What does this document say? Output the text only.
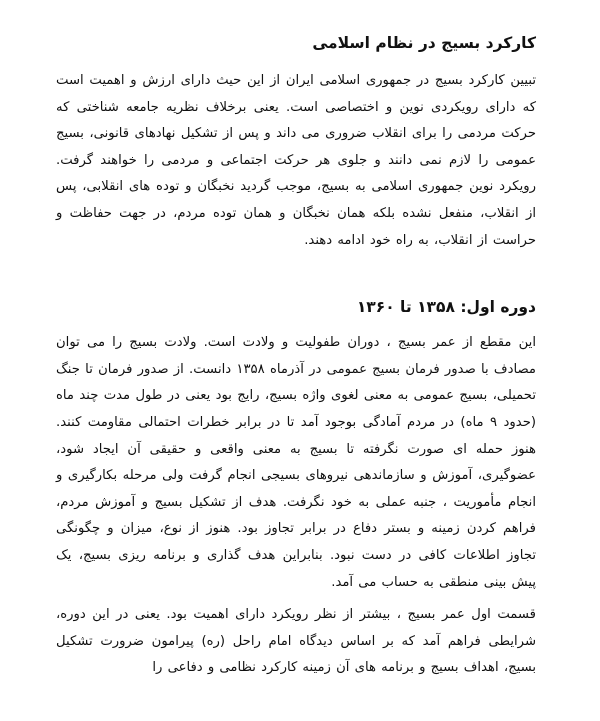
کارکرد بسیج در نظام اسلامی

تبیین کارکرد بسیج در جمهوری اسلامی ایران از این حیث دارای ارزش و اهمیت است که دارای رویکردی نوین و اختصاصی است. یعنی برخلاف نظریه جامعه شناختی که حرکت مردمی را برای انقلاب ضروری می داند و پس از تشکیل نهادهای قانونی، بسیج عمومی را لازم نمی دانند و جلوی هر حرکت اجتماعی و مردمی را خواهند گرفت. رویکرد نوین جمهوری اسلامی به بسیج، موجب گردید نخبگان و توده های انقلابی، پس از انقلاب، منفعل نشده بلکه همان نخبگان و همان توده مردم، در جهت حفاظت و حراست از انقلاب، به راه خود ادامه دهند.

دوره اول: ۱۳۵۸ تا ۱۳۶۰

این مقطع از عمر بسیج ، دوران طفولیت و ولادت است. ولادت بسیج را می توان مصادف با صدور فرمان بسیج عمومی در آذرماه ۱۳۵۸ دانست. از صدور فرمان تا جنگ تحمیلی، بسیج عمومی به معنی لغوی واژه بسیج، رایج بود یعنی در طول مدت چند ماه (حدود ۹ ماه) در مردم آمادگی بوجود آمد تا در برابر خطرات احتمالی مقاومت کنند. هنوز حمله ای صورت نگرفته تا بسیج به معنی واقعی و حقیقی آن ایجاد شود، عضوگیری، آموزش و سازماندهی نیروهای بسیجی انجام گرفت ولی مرحله بکارگیری و انجام مأموریت ، جنبه عملی به خود نگرفت. هدف از تشکیل بسیج و آموزش مردم، فراهم کردن زمینه و بستر دفاع در برابر تجاوز بود. هنوز از نوع، میزان و چگونگی تجاوز اطلاعات کافی در دست نبود. بنابراین هدف گذاری و برنامه ریزی بسیج، یک پیش بینی منطقی به حساب می آمد.

قسمت اول عمر بسیج ، بیشتر از نظر رویکرد دارای اهمیت بود. یعنی در این دوره، شرایطی فراهم آمد که بر اساس دیدگاه امام راحل (ره) پیرامون ضرورت تشکیل بسیج، اهداف بسیج و برنامه های آن زمینه کارکرد نظامی و دفاعی را
